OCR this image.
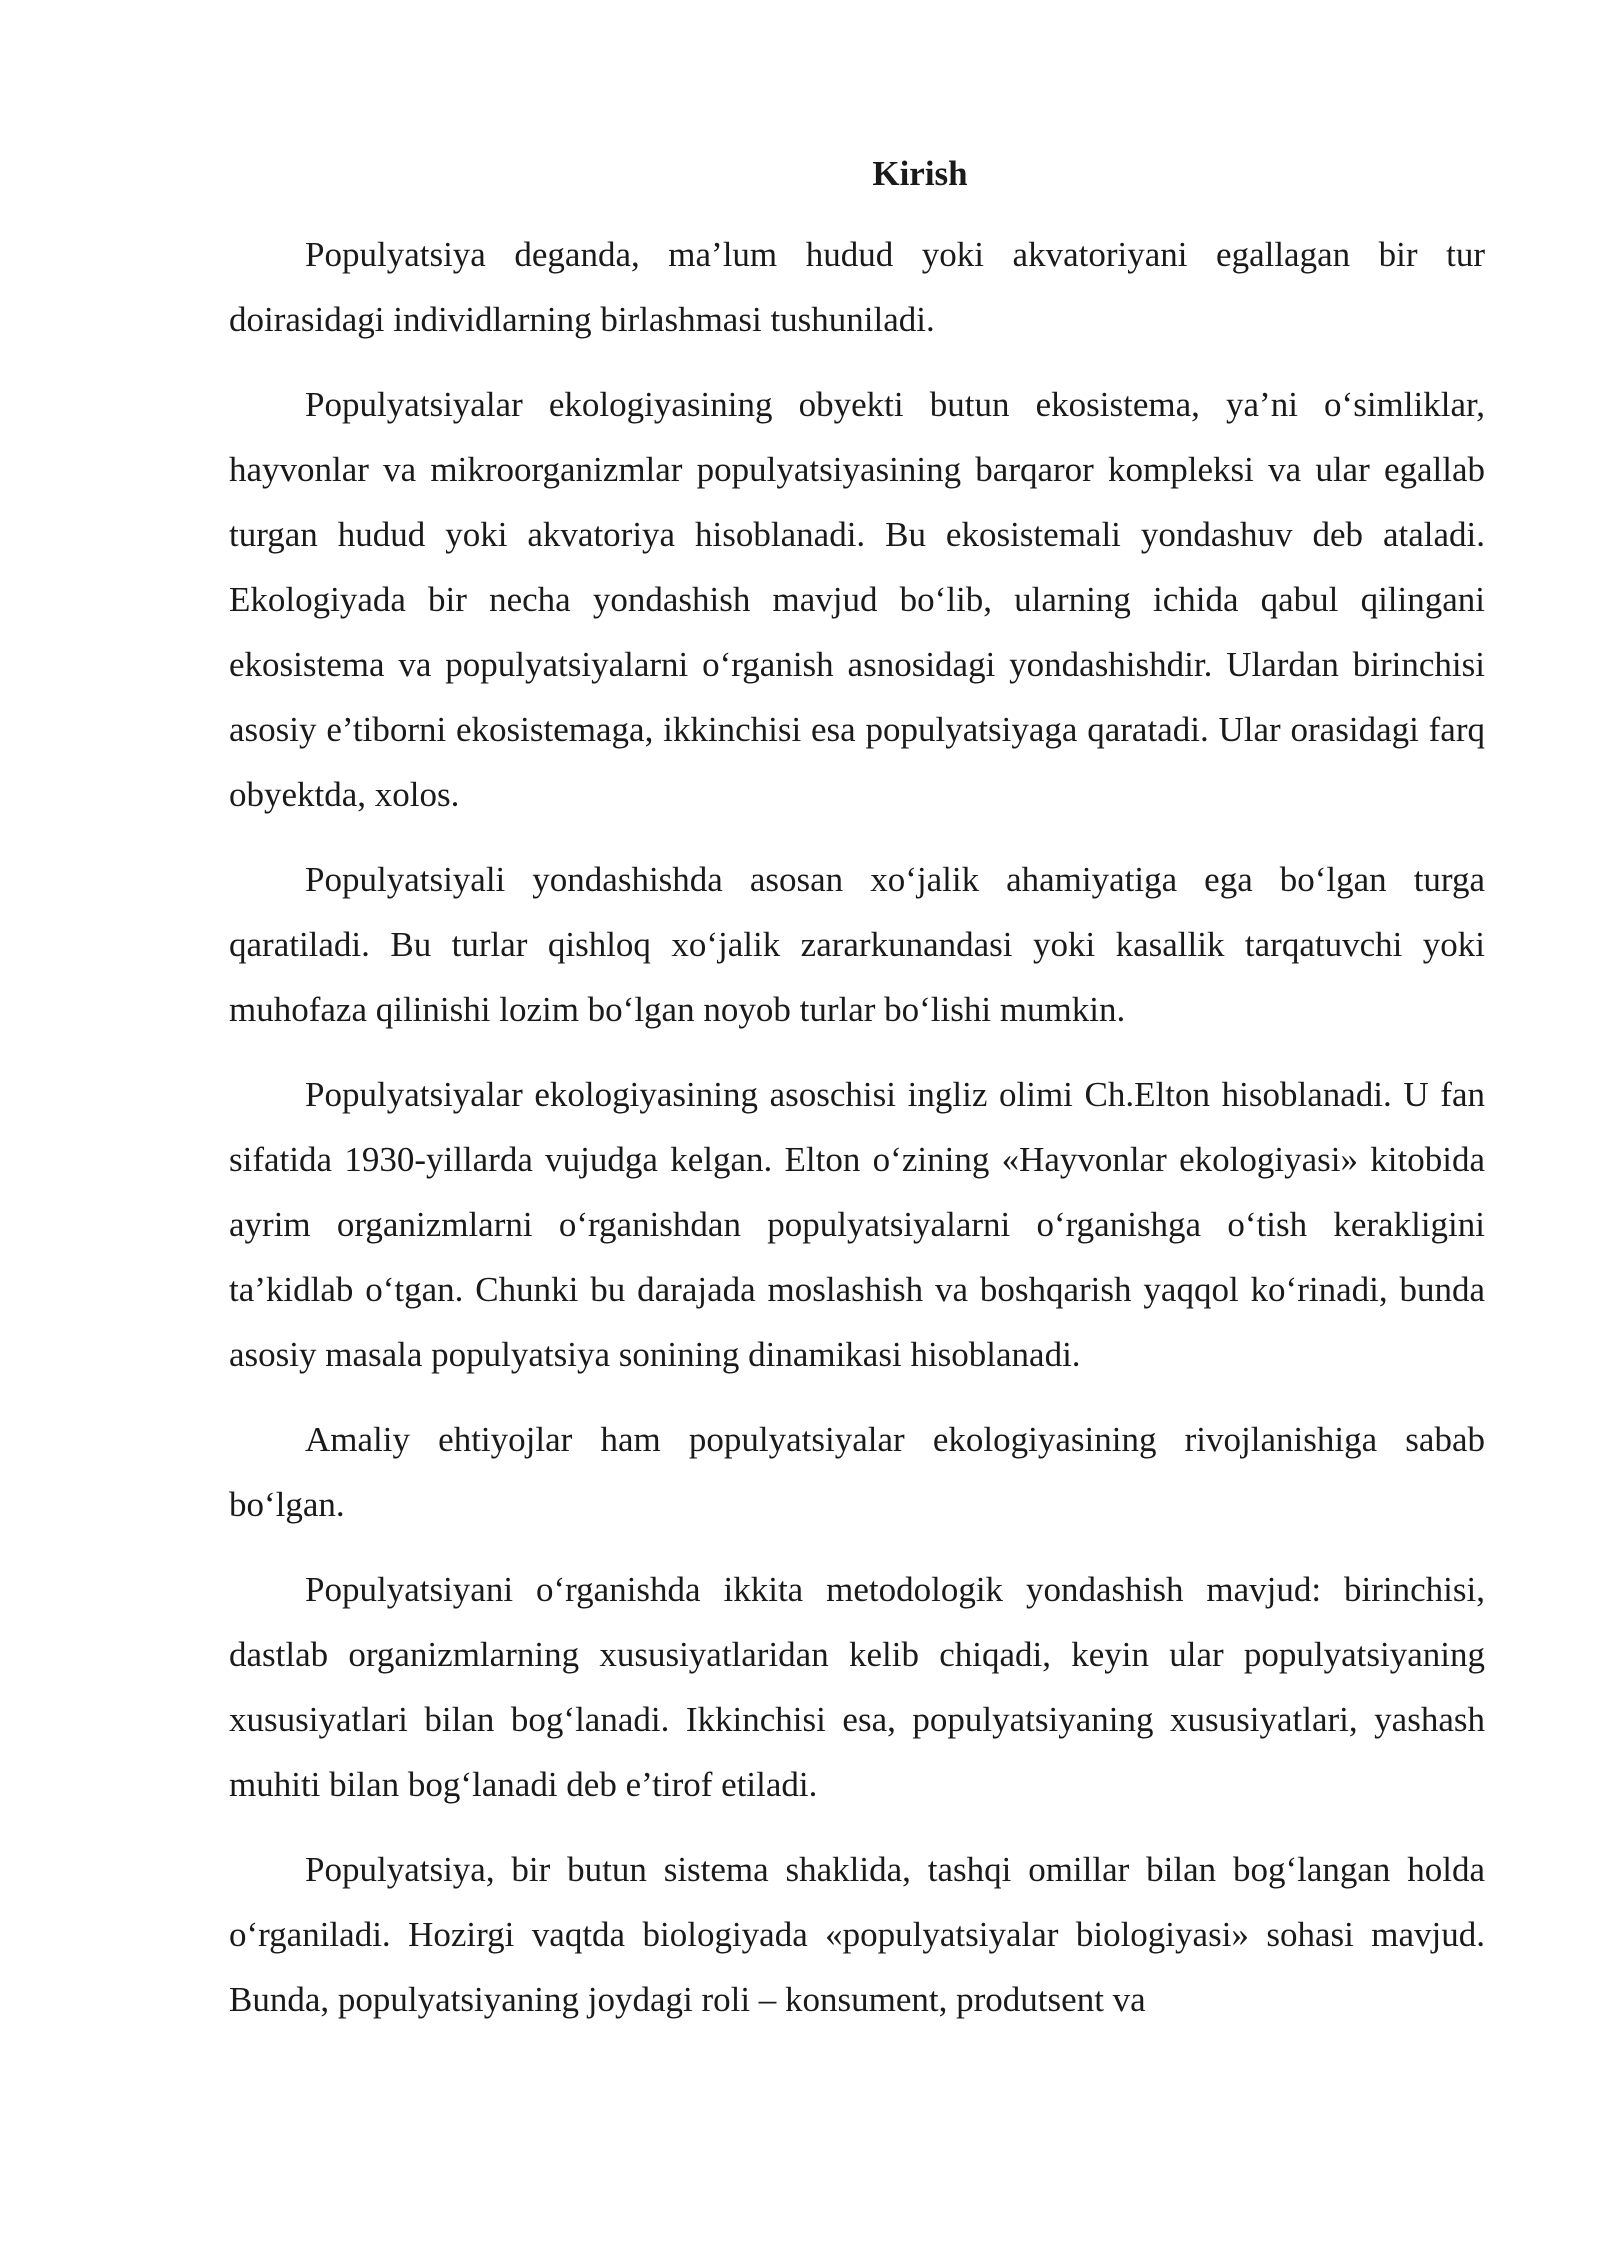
Kirish

Populyatsiya deganda, ma’lum hudud yoki akvatoriyani egallagan bir tur doirasidagi individlarning birlashmasi tushuniladi.

Populyatsiyalar ekologiyasining obyekti butun ekosistema, ya’ni o‘simliklar, hayvonlar va mikroorganizmlar populyatsiyasining barqaror kompleksi va ular egallab turgan hudud yoki akvatoriya hisoblanadi. Bu ekosistemali yondashuv deb ataladi. Ekologiyada bir necha yondashish mavjud bo‘lib, ularning ichida qabul qilingani ekosistema va populyatsiyalarni o‘rganish asnosidagi yondashishdir. Ulardan birinchisi asosiy e’tiborni ekosistemaga, ikkinchisi esa populyatsiyaga qaratadi. Ular orasidagi farq obyektda, xolos.

Populyatsiyali yondashishda asosan xo‘jalik ahamiyatiga ega bo‘lgan turga qaratiladi. Bu turlar qishloq xo‘jalik zararkunandasi yoki kasallik tarqatuvchi yoki muhofaza qilinishi lozim bo‘lgan noyob turlar bo‘lishi mumkin.

Populyatsiyalar ekologiyasining asoschisi ingliz olimi Ch.Elton hisoblanadi. U fan sifatida 1930-yillarda vujudga kelgan. Elton o‘zining «Hayvonlar ekologiyasi» kitobida ayrim organizmlarni o‘rganishdan populyatsiyalarni o‘rganishga o‘tish kerakligini ta’kidlab o‘tgan. Chunki bu darajada moslashish va boshqarish yaqqol ko‘rinadi, bunda asosiy masala populyatsiya sonining dinamikasi hisoblanadi.

Amaliy ehtiyojlar ham populyatsiyalar ekologiyasining rivojlanishiga sabab bo‘lgan.

Populyatsiyani o‘rganishda ikkita metodologik yondashish mavjud: birinchisi, dastlab organizmlarning xususiyatlaridan kelib chiqadi, keyin ular populyatsiyaning xususiyatlari bilan bog‘lanadi. Ikkinchisi esa, populyatsiyaning xususiyatlari, yashash muhiti bilan bog‘lanadi deb e’tirof etiladi.

Populyatsiya, bir butun sistema shaklida, tashqi omillar bilan bog‘langan holda o‘rganiladi. Hozirgi vaqtda biologiyada «populyatsiyalar biologiyasi» sohasi mavjud. Bunda, populyatsiyaning joydagi roli – konsument, produtsent va
